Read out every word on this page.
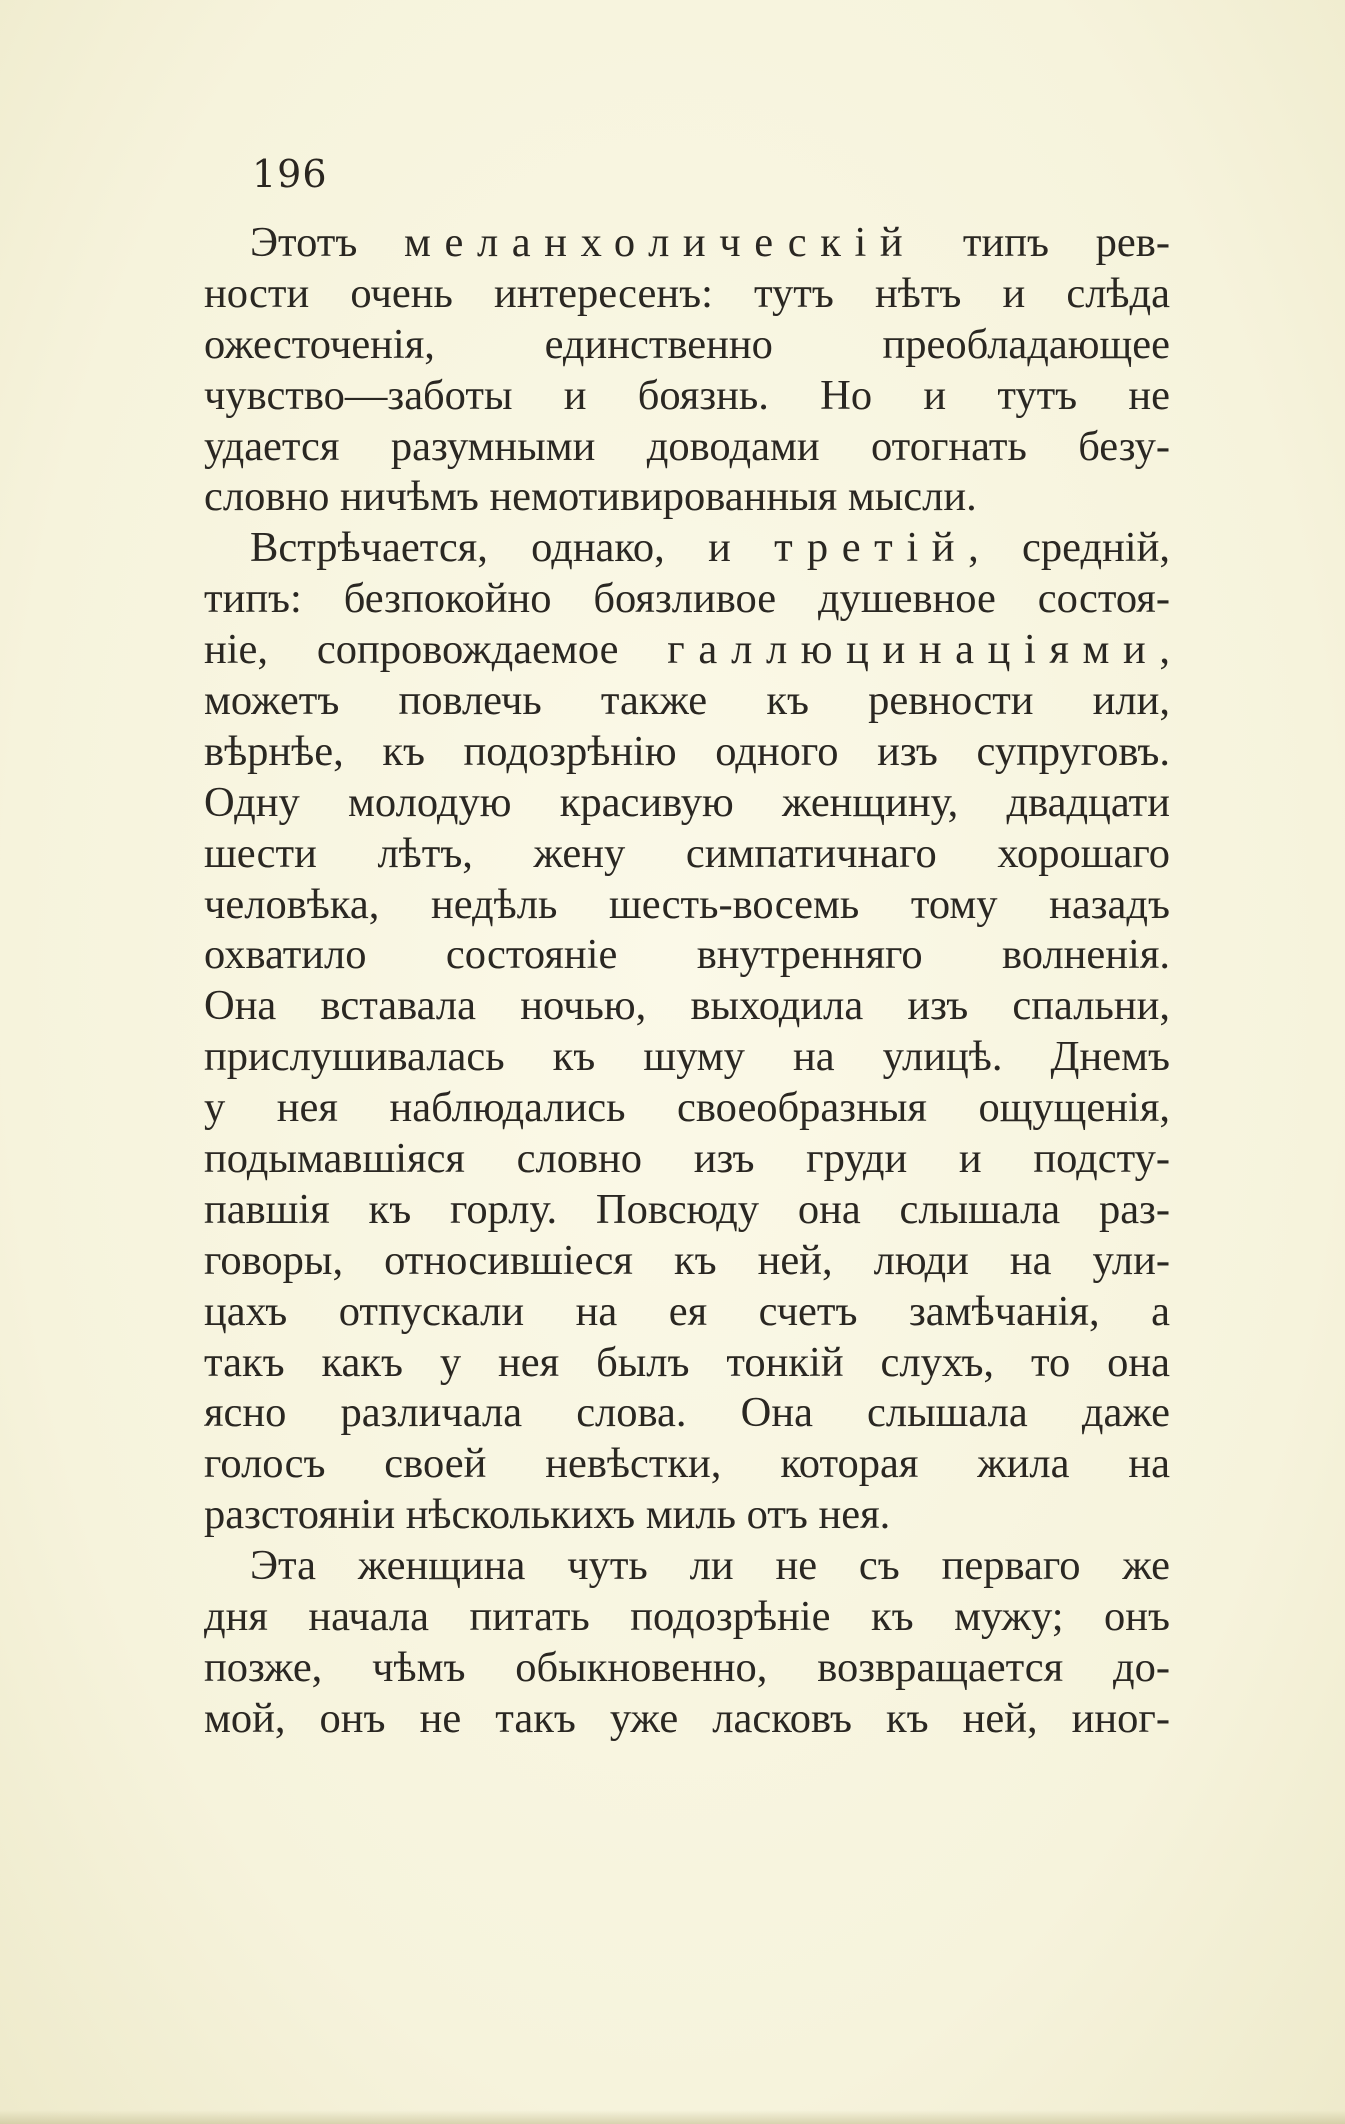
196
Этотъ меланхолическій типъ рев-
ности очень интересенъ: тутъ нѣтъ и слѣда
ожесточенія, единственно преобладающее
чувство—заботы и боязнь. Но и тутъ не
удается разумными доводами отогнать безу-
словно ничѣмъ немотивированныя мысли.
Встрѣчается, однако, и третій, средній,
типъ: безпокойно боязливое душевное состоя-
ніе, сопровождаемое галлюцинаціями,
можетъ повлечь также къ ревности или,
вѣрнѣе, къ подозрѣнію одного изъ супруговъ.
Одну молодую красивую женщину, двадцати
шести лѣтъ, жену симпатичнаго хорошаго
человѣка, недѣль шесть-восемь тому назадъ
охватило состояніе внутренняго волненія.
Она вставала ночью, выходила изъ спальни,
прислушивалась къ шуму на улицѣ. Днемъ
у нея наблюдались своеобразныя ощущенія,
подымавшіяся словно изъ груди и подсту-
павшія къ горлу. Повсюду она слышала раз-
говоры, относившіеся къ ней, люди на ули-
цахъ отпускали на ея счетъ замѣчанія, а
такъ какъ у нея былъ тонкій слухъ, то она
ясно различала слова. Она слышала даже
голосъ своей невѣстки, которая жила на
разстояніи нѣсколькихъ миль отъ нея.
Эта женщина чуть ли не съ перваго же
дня начала питать подозрѣніе къ мужу; онъ
позже, чѣмъ обыкновенно, возвращается до-
мой, онъ не такъ уже ласковъ къ ней, иног-
